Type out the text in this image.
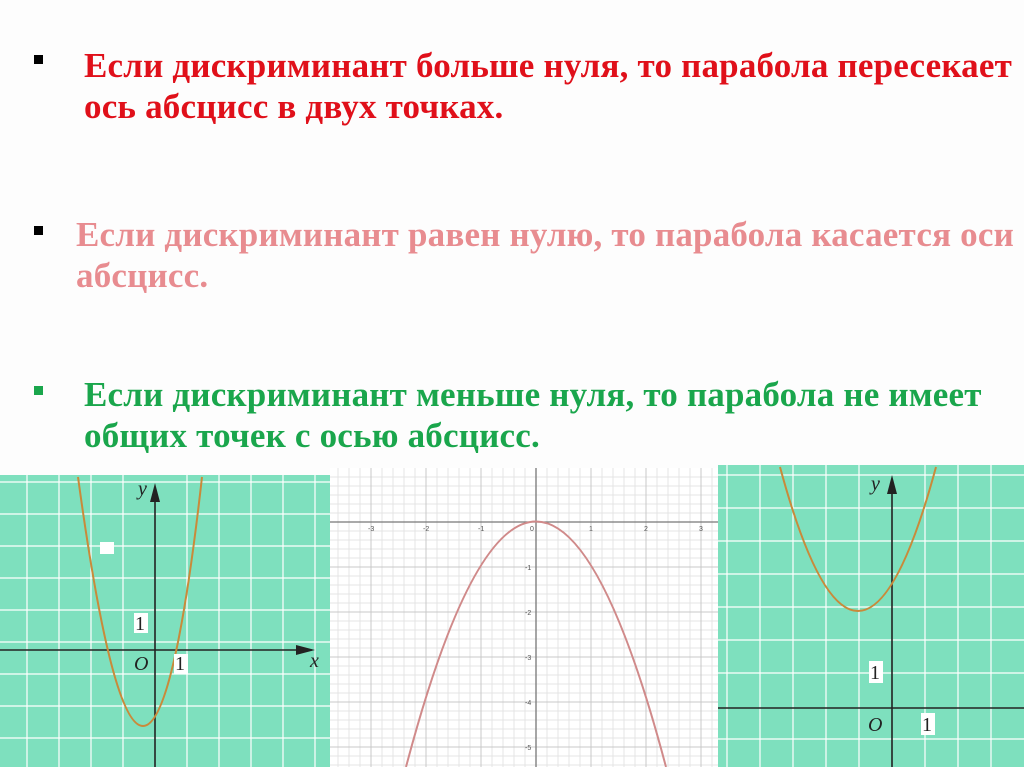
Если дискриминант больше нуля, то парабола пересекает ось абсцисс в двух точках.
Если дискриминант равен нулю, то парабола касается оси абсцисс.
Если дискриминант меньше нуля, то парабола не имеет общих точек с осью абсцисс.
1
O 1
y
x
-3	-2	-1	0	1	2	3
-1
-2
-3
-4
-5
1
O 1
y
